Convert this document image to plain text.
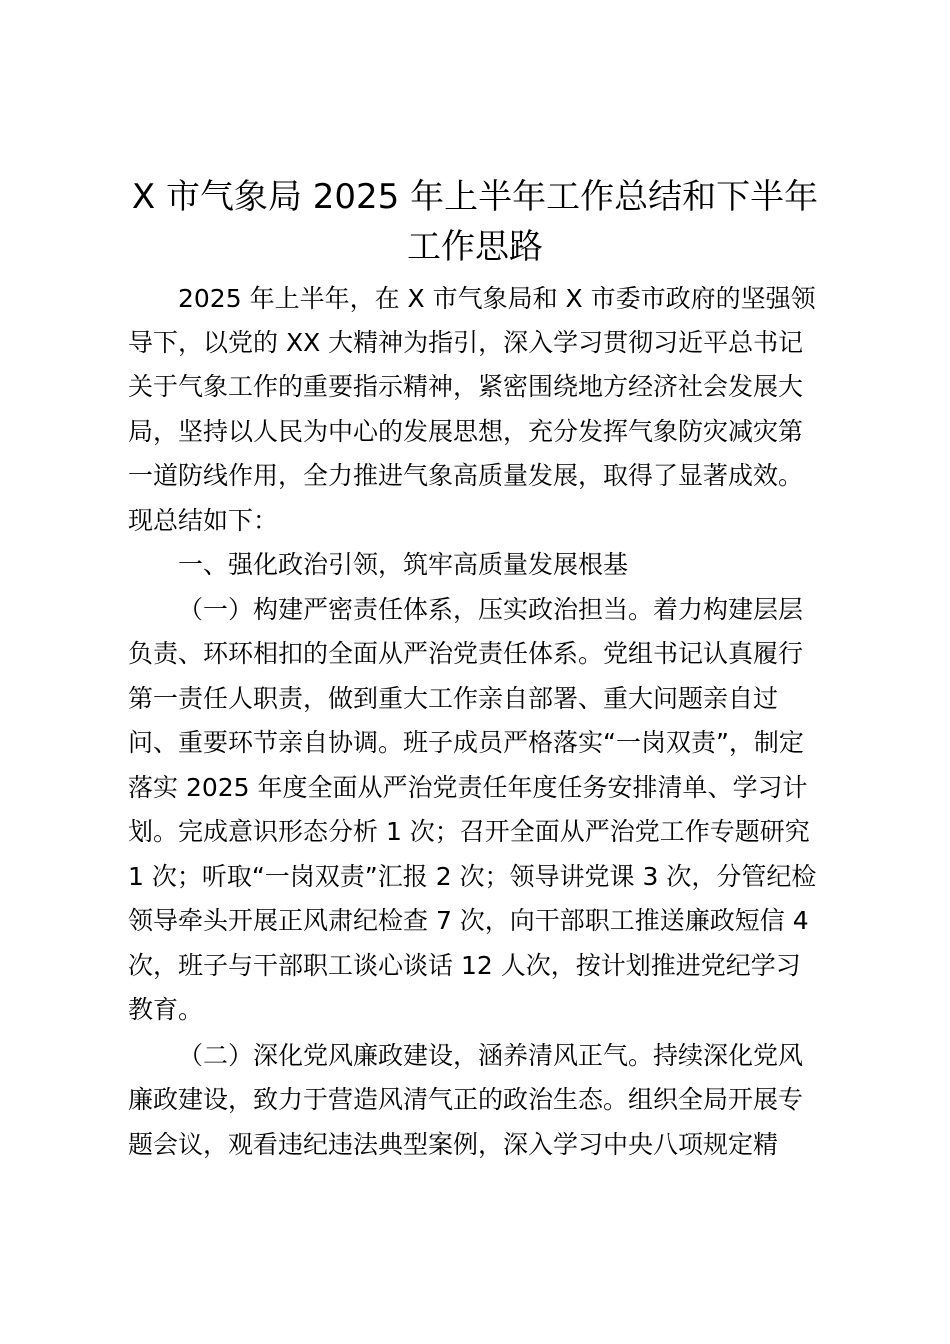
X 市气象局 2025 年上半年工作总结和下半年
工作思路
2025 年上半年，在 X 市气象局和 X 市委市政府的坚强领
导下，以党的 XX 大精神为指引，深入学习贯彻习近平总书记
关于气象工作的重要指示精神，紧密围绕地方经济社会发展大
局，坚持以人民为中心的发展思想，充分发挥气象防灾减灾第
一道防线作用，全力推进气象高质量发展，取得了显著成效。
现总结如下：
一、强化政治引领，筑牢高质量发展根基
（一）构建严密责任体系，压实政治担当。着力构建层层
负责、环环相扣的全面从严治党责任体系。党组书记认真履行
第一责任人职责，做到重大工作亲自部署、重大问题亲自过
问、重要环节亲自协调。班子成员严格落实“一岗双责”，制定
落实 2025 年度全面从严治党责任年度任务安排清单、学习计
划。完成意识形态分析 1 次；召开全面从严治党工作专题研究
1 次；听取“一岗双责”汇报 2 次；领导讲党课 3 次，分管纪检
领导牵头开展正风肃纪检查 7 次，向干部职工推送廉政短信 4
次，班子与干部职工谈心谈话 12 人次，按计划推进党纪学习
教育。
（二）深化党风廉政建设，涵养清风正气。持续深化党风
廉政建设，致力于营造风清气正的政治生态。组织全局开展专
题会议，观看违纪违法典型案例，深入学习中央八项规定精
